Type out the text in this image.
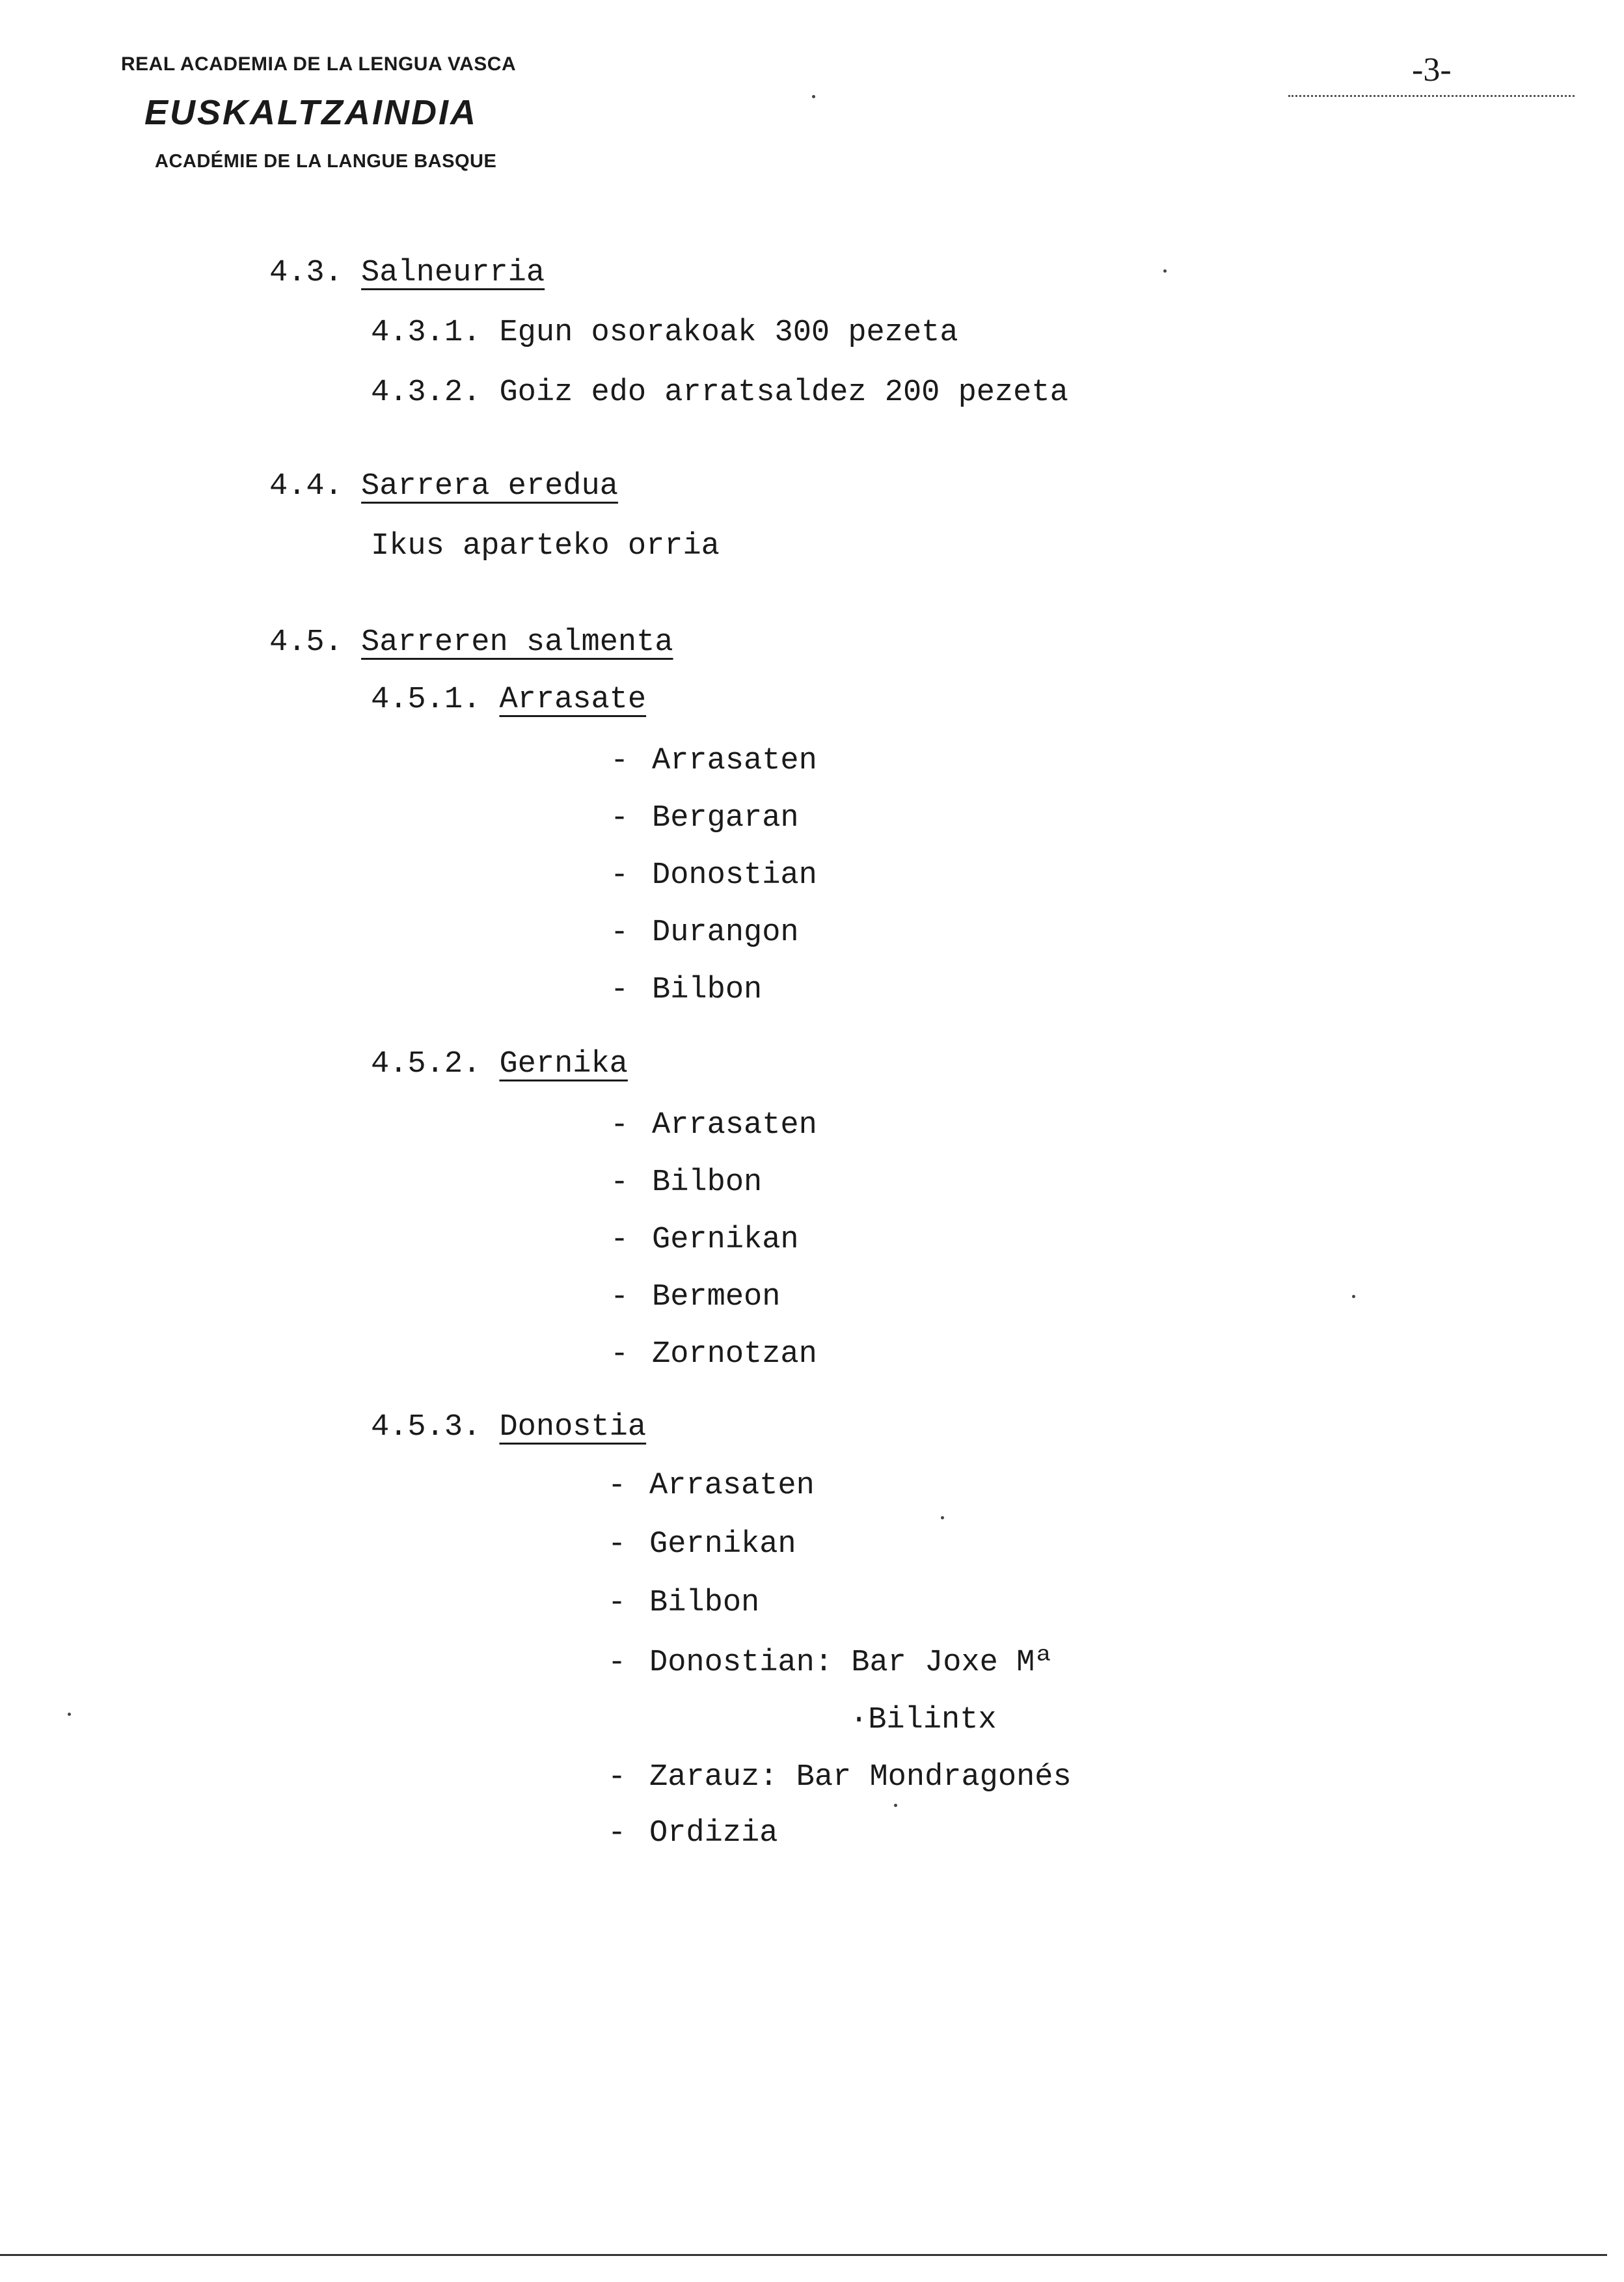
REAL ACADEMIA DE LA LENGUA VASCA
EUSKALTZAINDIA
ACADÉMIE DE LA LANGUE BASQUE
-3-
4.3. Salneurria
4.3.1. Egun osorakoak 300 pezeta
4.3.2. Goiz edo arratsaldez 200 pezeta
4.4. Sarrera eredua
Ikus aparteko orria
4.5. Sarreren salmenta
4.5.1. Arrasate
- Arrasaten
- Bergaran
- Donostian
- Durangon
- Bilbon
4.5.2. Gernika
- Arrasaten
- Bilbon
- Gernikan
- Bermeon
- Zornotzan
4.5.3. Donostia
- Arrasaten
- Gernikan
- Bilbon
- Donostian: Bar Joxe Mª
·Bilintx
- Zarauz: Bar Mondragonés
- Ordizia
